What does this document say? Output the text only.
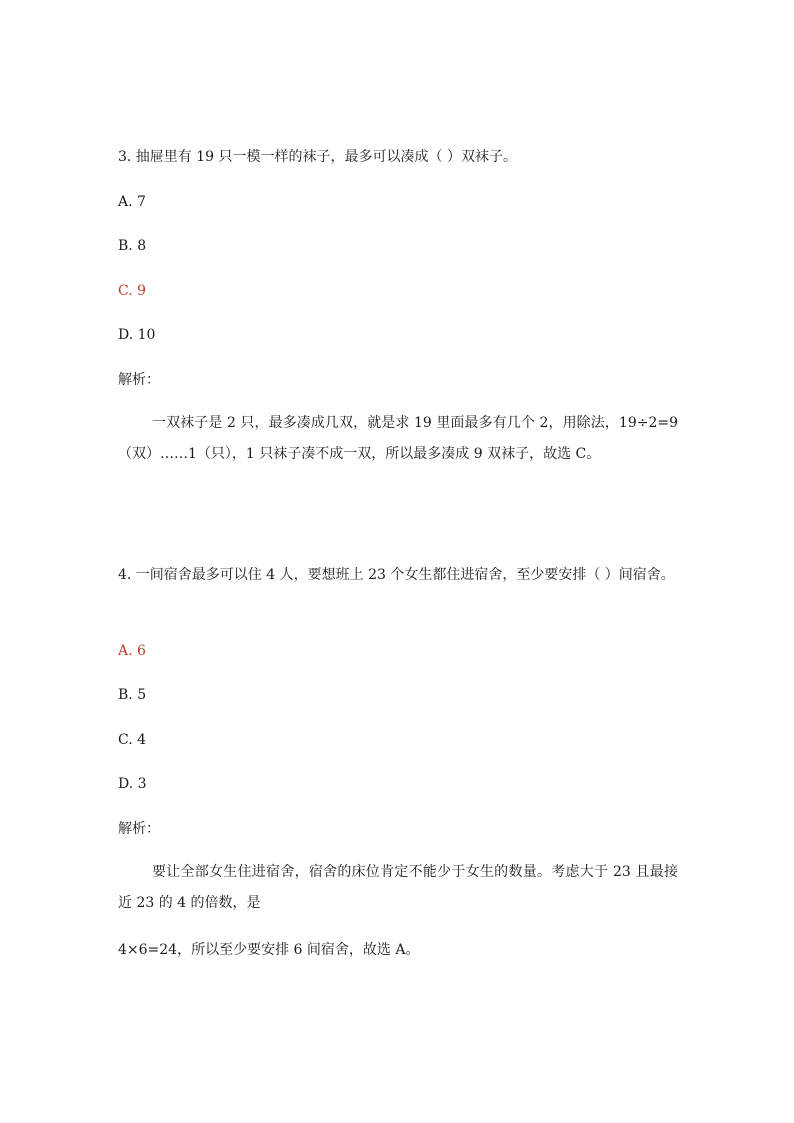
3. 抽屉里有 19 只一模一样的袜子，最多可以凑成（ ）双袜子。
A. 7
B. 8
C. 9
D. 10
解析：
一双袜子是 2 只，最多凑成几双，就是求 19 里面最多有几个 2，用除法，19÷2=9（双）……1（只），1 只袜子凑不成一双，所以最多凑成 9 双袜子，故选 C。
4. 一间宿舍最多可以住 4 人，要想班上 23 个女生都住进宿舍，至少要安排（ ）间宿舍。
A. 6
B. 5
C. 4
D. 3
解析：
要让全部女生住进宿舍，宿舍的床位肯定不能少于女生的数量。考虑大于 23 且最接近 23 的 4 的倍数，是
4×6=24，所以至少要安排 6 间宿舍，故选 A。
